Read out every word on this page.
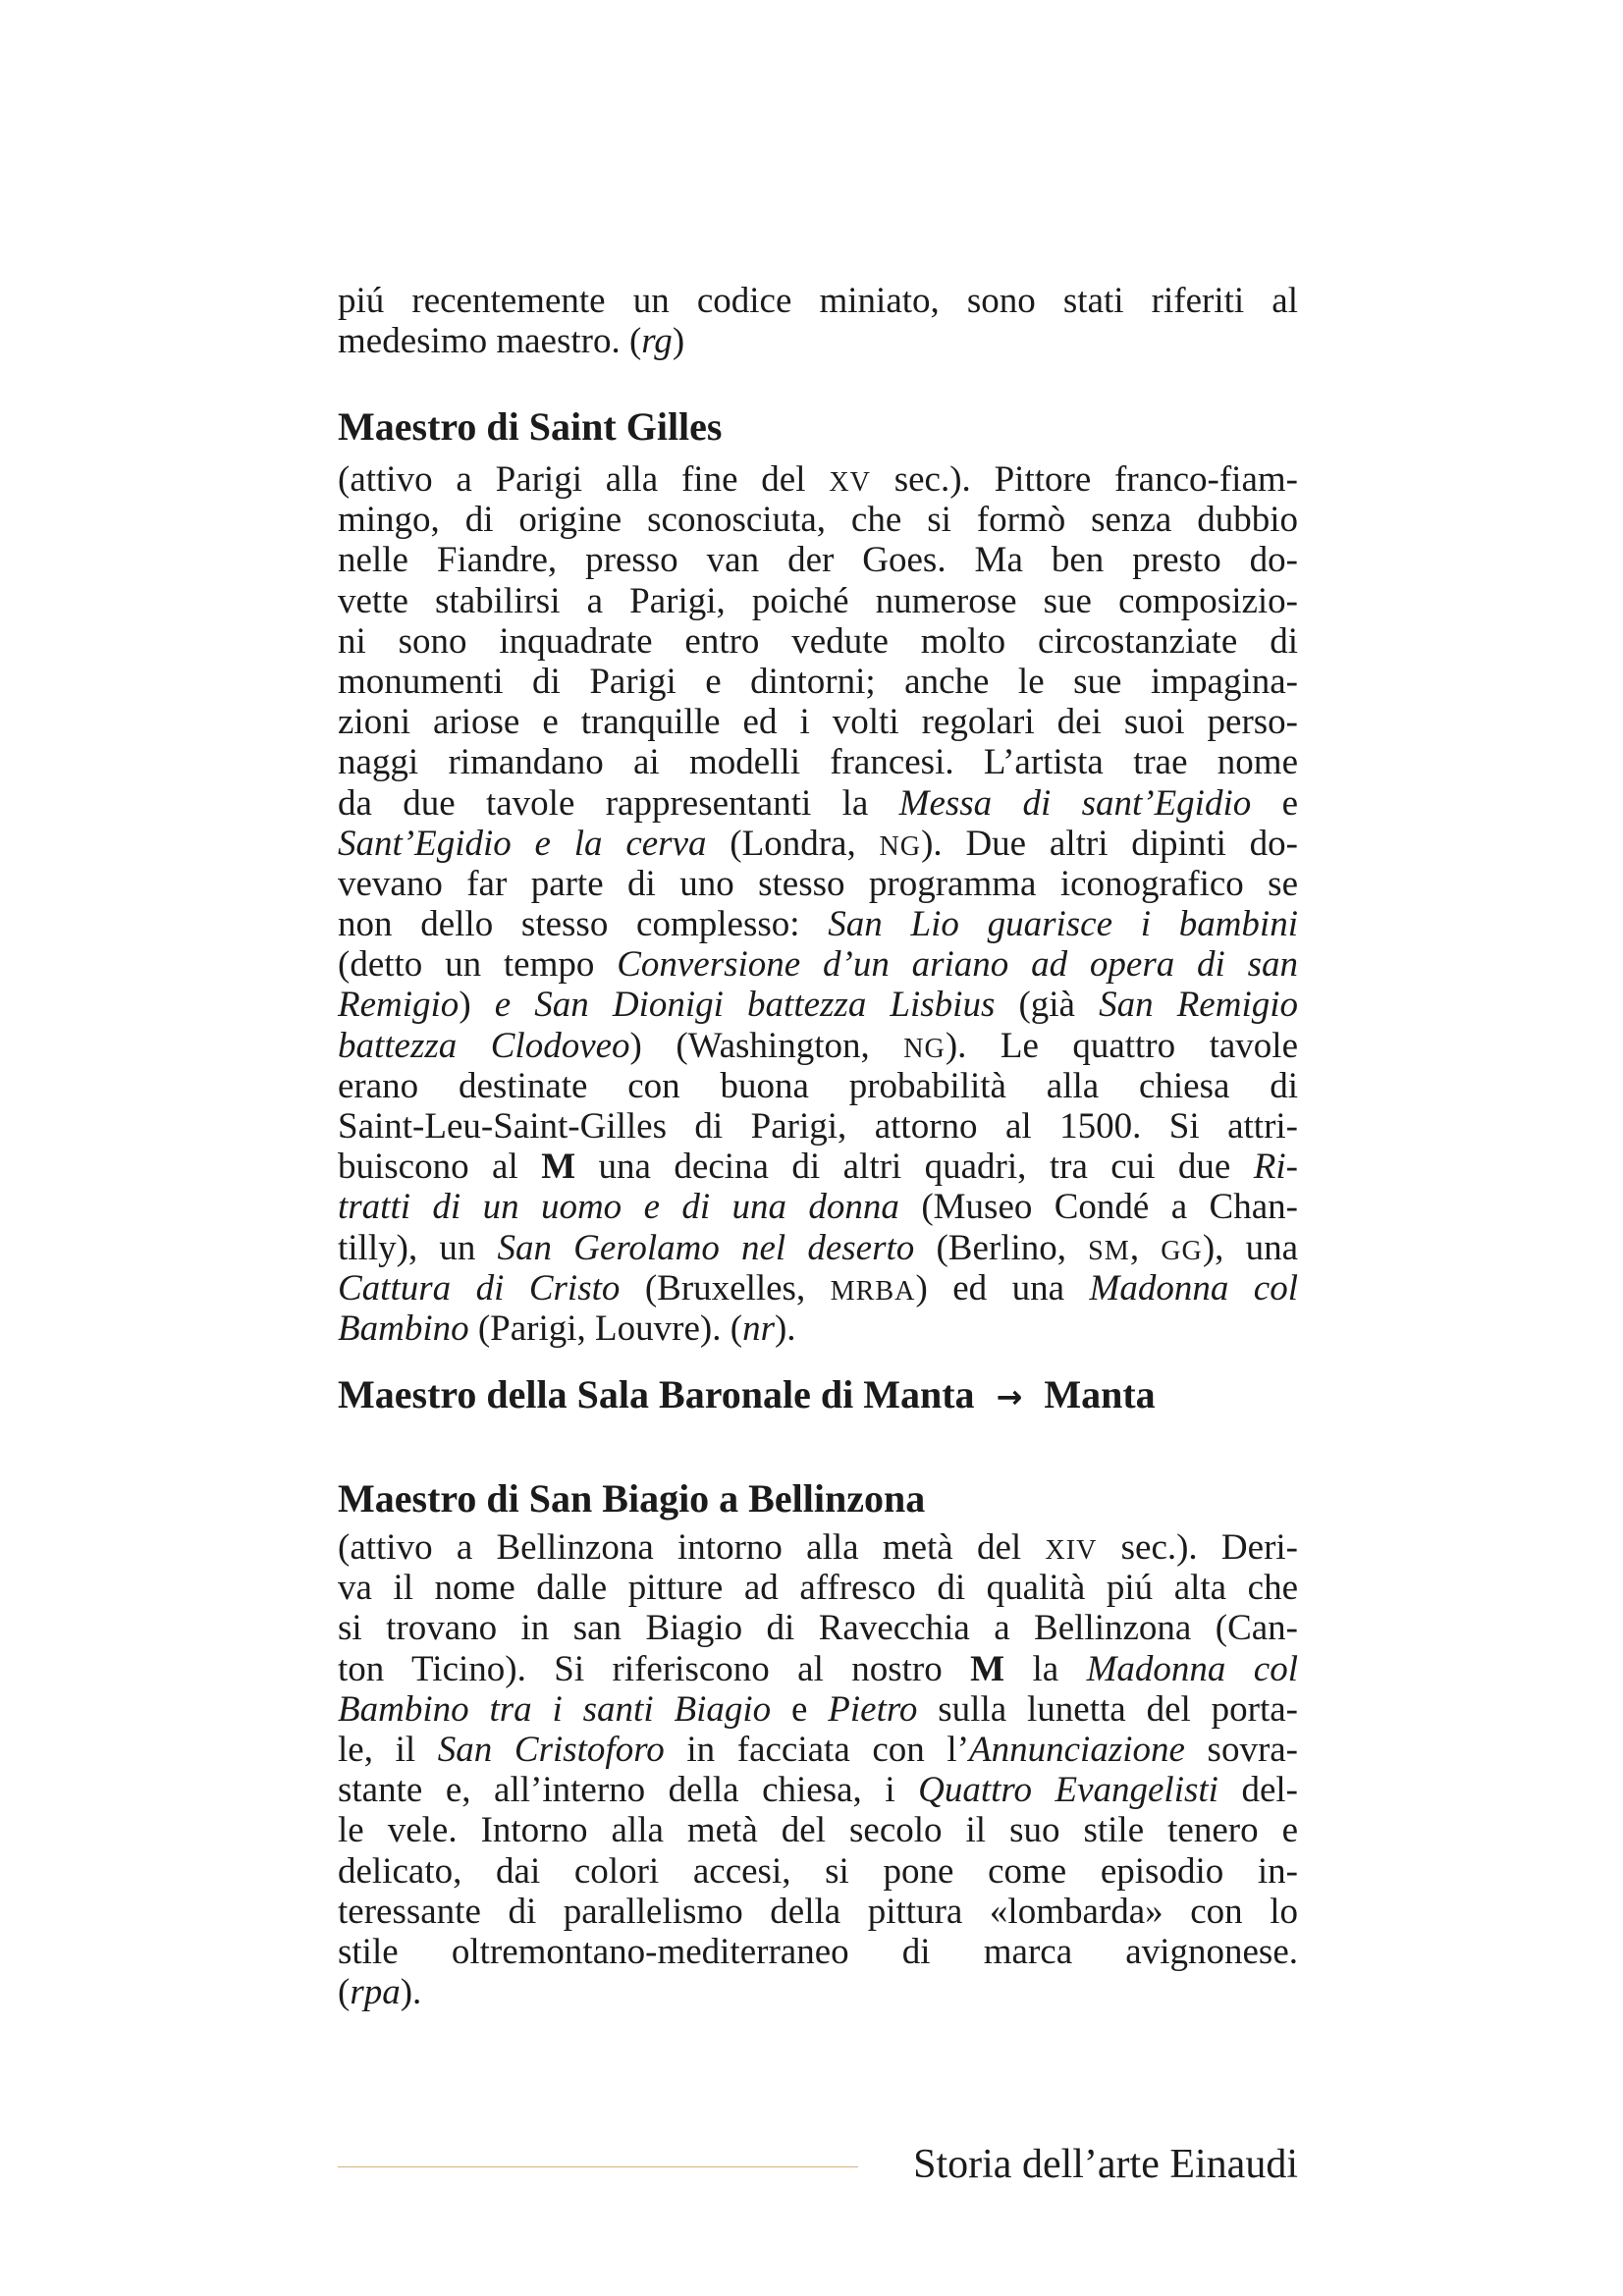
piú recentemente un codice miniato, sono stati riferiti al
medesimo maestro. (rg)
Maestro di Saint Gilles
(attivo a Parigi alla fine del XV sec.). Pittore franco-fiam-
mingo, di origine sconosciuta, che si formò senza dubbio
nelle Fiandre, presso van der Goes. Ma ben presto do-
vette stabilirsi a Parigi, poiché numerose sue composizio-
ni sono inquadrate entro vedute molto circostanziate di
monumenti di Parigi e dintorni; anche le sue impagina-
zioni ariose e tranquille ed i volti regolari dei suoi perso-
naggi rimandano ai modelli francesi. L’artista trae nome
da due tavole rappresentanti la Messa di sant’Egidio e
Sant’Egidio e la cerva (Londra, NG). Due altri dipinti do-
vevano far parte di uno stesso programma iconografico se
non dello stesso complesso: San Lio guarisce i bambini
(detto un tempo Conversione d’un ariano ad opera di san
Remigio) e San Dionigi battezza Lisbius (già San Remigio
battezza Clodoveo) (Washington, NG). Le quattro tavole
erano destinate con buona probabilità alla chiesa di
Saint-Leu-Saint-Gilles di Parigi, attorno al 1500. Si attri-
buiscono al M una decina di altri quadri, tra cui due Ri-
tratti di un uomo e di una donna (Museo Condé a Chan-
tilly), un San Gerolamo nel deserto (Berlino, SM, GG), una
Cattura di Cristo (Bruxelles, MRBA) ed una Madonna col
Bambino (Parigi, Louvre). (nr).
Maestro della Sala Baronale di Manta → Manta
Maestro di San Biagio a Bellinzona
(attivo a Bellinzona intorno alla metà del XIV sec.). Deri-
va il nome dalle pitture ad affresco di qualità piú alta che
si trovano in san Biagio di Ravecchia a Bellinzona (Can-
ton Ticino). Si riferiscono al nostro M la Madonna col
Bambino tra i santi Biagio e Pietro sulla lunetta del porta-
le, il San Cristoforo in facciata con l’Annunciazione sovra-
stante e, all’interno della chiesa, i Quattro Evangelisti del-
le vele. Intorno alla metà del secolo il suo stile tenero e
delicato, dai colori accesi, si pone come episodio in-
teressante di parallelismo della pittura «lombarda» con lo
stile oltremontano-mediterraneo di marca avignonese.
(rpa).
Storia dell’arte Einaudi
